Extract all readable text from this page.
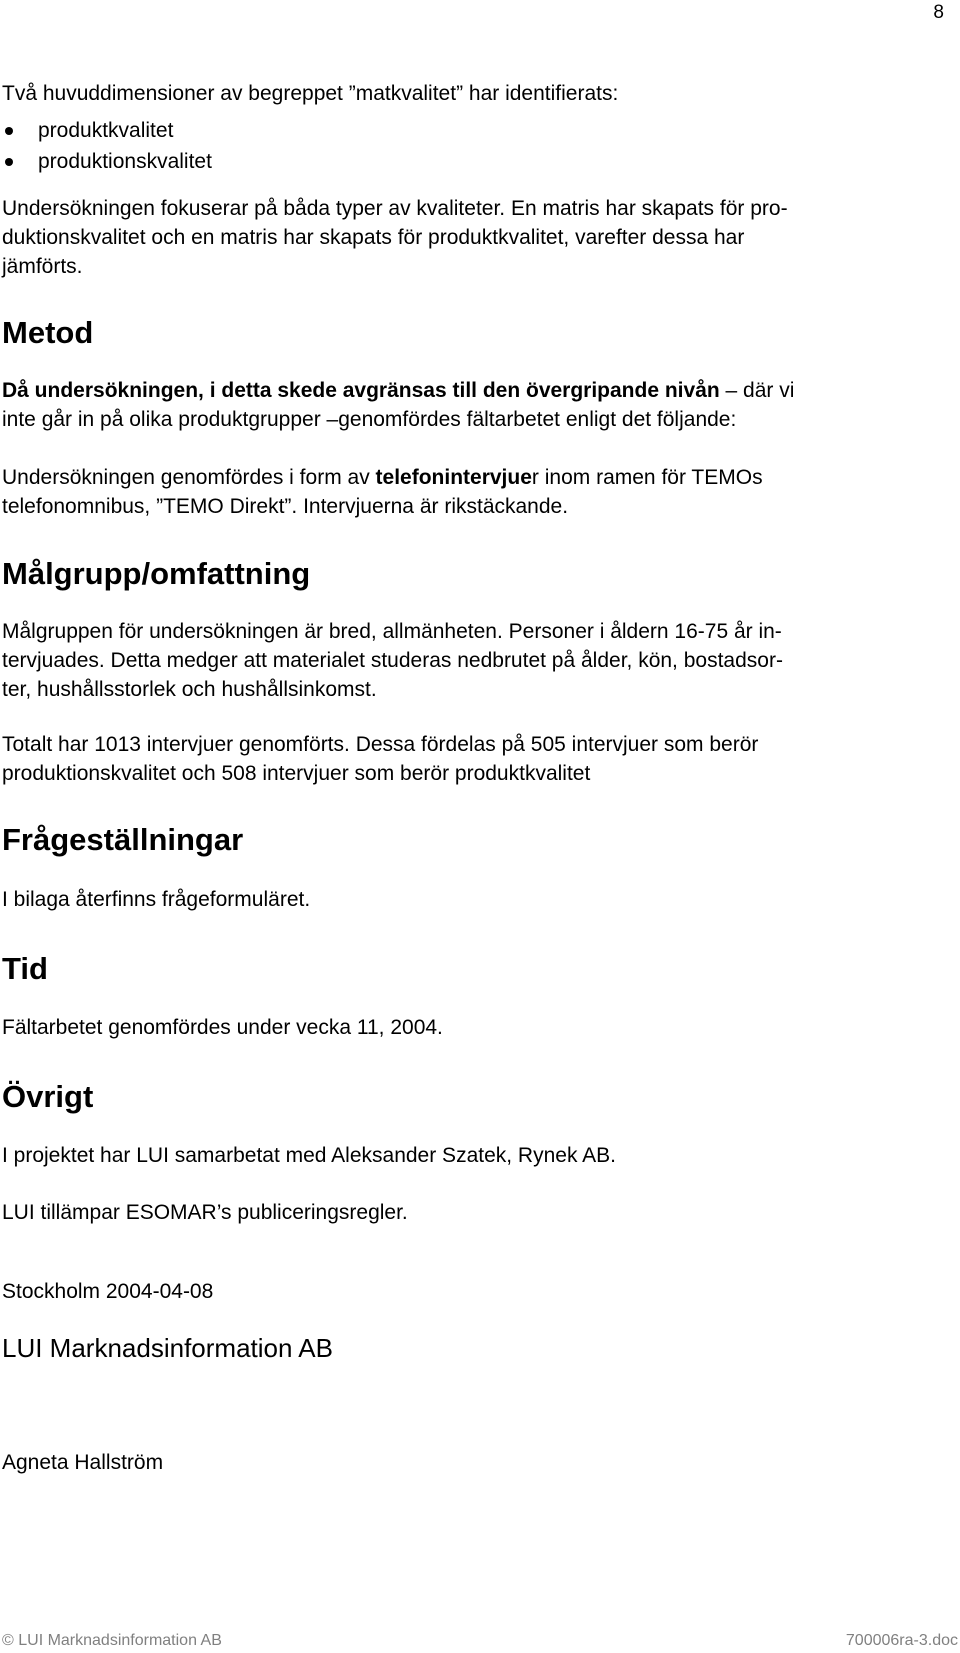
8
Två huvuddimensioner av begreppet ”matkvalitet” har identifierats:
produktkvalitet
produktionskvalitet
Undersökningen fokuserar på båda typer av kvaliteter. En matris har skapats för pro-
duktionskvalitet och en matris har skapats för produktkvalitet, varefter dessa har
jämförts.
Metod
Då undersökningen, i detta skede avgränsas till den övergripande nivån – där vi
inte går in på olika produktgrupper –genomfördes fältarbetet enligt det följande:
Undersökningen genomfördes i form av telefonintervjuer inom ramen för TEMOs
telefonomnibus, ”TEMO Direkt”. Intervjuerna är rikstäckande.
Målgrupp/omfattning
Målgruppen för undersökningen är bred, allmänheten. Personer i åldern 16-75 år in-
tervjuades. Detta medger att materialet studeras nedbrutet på ålder, kön, bostadsor-
ter, hushållsstorlek och hushållsinkomst.
Totalt har 1013 intervjuer genomförts. Dessa fördelas på 505 intervjuer som berör
produktionskvalitet och 508 intervjuer som berör produktkvalitet
Frågeställningar
I bilaga återfinns frågeformuläret.
Tid
Fältarbetet genomfördes under vecka 11, 2004.
Övrigt
I projektet har LUI samarbetat med Aleksander Szatek, Rynek AB.
LUI tillämpar ESOMAR’s publiceringsregler.
Stockholm 2004-04-08
LUI Marknadsinformation AB
Agneta Hallström
© LUI Marknadsinformation AB	700006ra-3.doc
